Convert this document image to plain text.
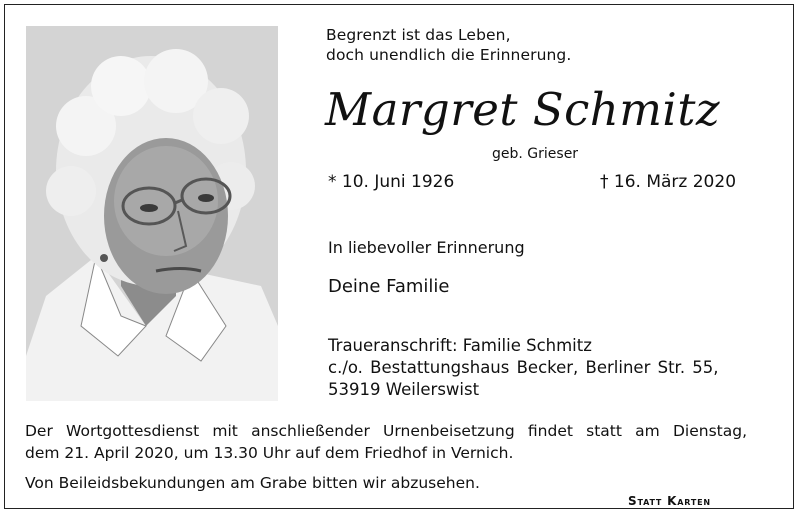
Begrenzt ist das Leben,
doch unendlich die Erinnerung.
Margret Schmitz
geb. Grieser
* 10. Juni 1926	† 16. März 2020
In liebevoller Erinnerung
Deine Familie
Traueranschrift: Familie Schmitz
c./o. Bestattungshaus Becker, Berliner Str. 55,
53919 Weilerswist
Der Wortgottesdienst mit anschließender Urnenbeisetzung findet statt am Dienstag,
dem 21. April 2020, um 13.30 Uhr auf dem Friedhof in Vernich.
Von Beileidsbekundungen am Grabe bitten wir abzusehen.
Statt Karten
